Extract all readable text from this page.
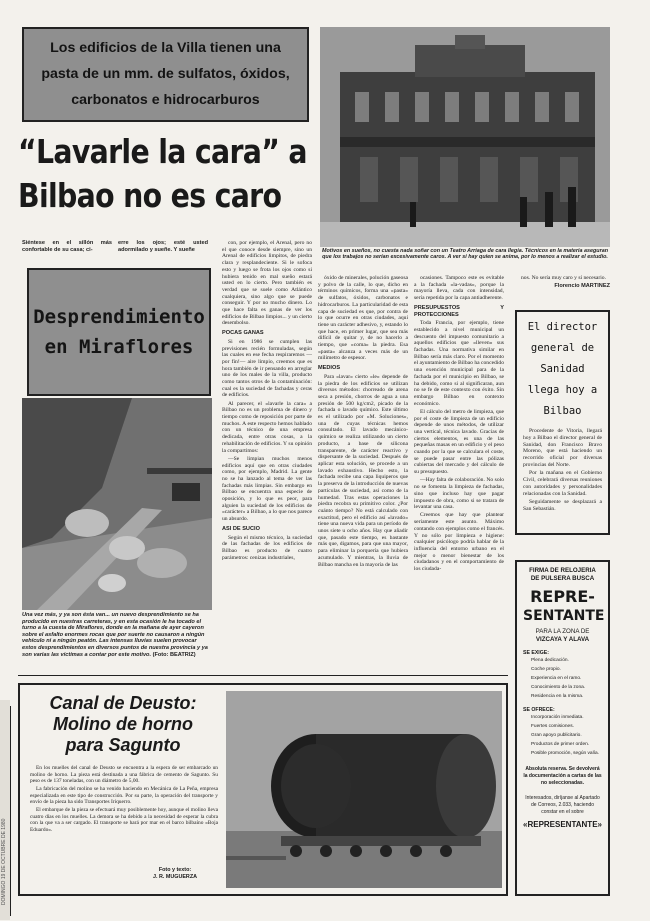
DOMINGO 19 DE OCTUBRE DE 1980
Los edificios de la Villa tienen una pasta de un mm. de sulfatos, óxidos, carbonatos e hidrocarburos
“Lavarle la cara” a
Bilbao no es caro
Motivos en sueños, no cuesta nada soñar con un Teatro Arriaga de cara llegia. Técnicos en la materia aseguran que los trabajos no serían excesivamente caros. A ver si hay quien se anima, por lo menos a realizar el estudio.
Siéntese en el sillón más confortable de su casa; ci-
erre los ojos; esté usted adormilado y sueñe. Y sueñe
Desprendimiento en Miraflores
Una vez más, y ya son ésta van... un nuevo desprendimiento se ha producido en nuestras carreteras, y en esta ocasión le ha tocado el turno a la cuesta de Miraflores, donde en la mañana de ayer cayeron sobre el asfalto enormes rocas que por suerte no causaron a ningún vehículo ni a ningún peatón. Las intensas lluvias suelen provocar estos desprendimientos en diversos puntos de nuestra provincia y ya son varias las víctimas a contar por este motivo. (Foto: BEATRIZ)

con, por ejemplo, el Arenal, pero no el que conoce desde siempre, sino un Arenal de edificios limpitos, de piedra clara y resplandeciente. Si le sofoca esto y luego se frota los ojos como si hubiera tenido en mal sueño estará usted en lo cierto. Pero también es verdad que se suele como Atlántico cualquiera, sino algo que se puede conseguir. Y por no mucho dinero. Lo que hace falta es ganas de ver los edificios de Bilbao limpios... y un cierto desembolso.

POCAS GANAS

Si en 1986 se cumplen las previsiones recién formuladas, según las cuales en ese fecha respiraremos —por fin!— aire limpio, creemos que es hora también de ir pensando en arreglar uno de los males de la villa, producto como tantos otros de la contaminación: cual es la suciedad de fachadas y ceras de edificios.

Al parecer, el «lavarle la cara» a Bilbao no es un problema de dinero y tiempo como de reposición por parte de muchos. A este respecto hemos hablado con un técnico de una empresa dedicada, entre otras cosas, a la rehabilitación de edificios. Y su opinión la compartimos:

—Se limpian muchos menos edificios aquí que en otras ciudades como, por ejemplo, Madrid. La gente no se ha lanzado al tema de ver las fachadas más limpias. Sin embargo en Bilbao se encuentra una especie de oposición, y lo que es peor, para alguien la suciedad de los edificios de «carácter» a Bilbao, a lo que nos parece un absurdo.

ASI DE SUCIO

Según el mismo técnico, la suciedad de las fachadas de los edificios de Bilbao es producto de cuatro parámetros: cenizas industriales,

óxido de minerales, polución gaseosa y polvo de la calle, lo que, dicho en términos químicos, forma una «pasta» de sulfatos, óxidos, carbonatos e hidrocarburos. La particularidad de esta capa de suciedad es que, por contra de lo que ocurre en otras ciudades, aquí tiene un carácter adhesivo, y, estando lo que hace, en primer lugar, que sea más difícil de quitar y, de no hacerlo a tiempo, que «coma» la piedra. Esa «pasta» alcanza a veces más de un milímetro de espesor.

MEDIOS

Para «lavar» cierto «le» depende de la piedra de los edificios se utilizan diversos métodos: chorreado de arena seca a presión, chorros de agua a una presión de 500 kg/cm2, picado de la fachada o lavado químico. Este último es el utilizado por «M. Soluciones», una de cuyas técnicas hemos consultado. El lavado mecánico-químico se realiza utilizando un cierto producto, a base de silicona transparente, de carácter reactivo y dispersante de la suciedad. Después de aplicar esta solución, se procede a un lavado exhaustivo. Hecho esto, la fachada recibe una capa liquiperos que la preserva de la introducción de nuevas partículas de suciedad, así como de la humedad. Tras estas operaciones la piedra recobra su primitivo color. ¿Por cuánto tiempo? No está calculado con exactitud, pero el edificio así «lavado» tiene una nueva vida para un período de unos siete u ocho años. Hay que añadir que, pasado este tiempo, es bastante más que, digamos, para que una mayor, para eliminar la porquería que hubiera acumulado. Y mientras, la lluvia de Bilbao mancha en la mayoría de las

ocasiones. Tampoco este es evitable a la fachada «la-vadas», porque la mayoría lleva, cada con intensidad, sería repetida por la capa antiadherente.

PRESUPUESTOS Y PROTECCIONES

Toda Francia, por ejemplo, tiene establecido a nivel municipal un descuento del impuesto comunitario a aquellos edificios que «lleven» sus fachadas. Una normativa similar en Bilbao sería más claro. Por el momento el ayuntamiento de Bilbao ha concedido una exención municipal para de la fachada por el municipio en Bilbao, se ha debido, como si al significaran, aun no se fe de este contexto con éxito. Sin embargo Bilbao en contexto económico.

El cálculo del metro de limpieza, que por el coste de limpieza de un edificio depende de unos métodos, de utilizar una vertical, técnica lavado. Gracias de ciertos elementos, es una de las pequeñas masas en un edificio y el peso cuando por la que se calculara el coste, se puede pasar entre las pólizas cubiertas del mercado y del cálculo de su presupuesto.

—Hay falta de colaboración. No solo no se fomenta la limpieza de fachadas, sino que incluso hay que pagar impuesto de obra, como si se tratara de levantar una casa.

Creemos que hay que plantear seriamente este asunto. Máximo contando con ejemplos como el francés. Y no sólo por limpieza e higiene: cualquier psicólogo podría hablar de la influencia del entorno urbano en el mejor o menor bienestar de los ciudadanos y en el comportamiento de los ciudada-

nos. No sería muy caro y sí necesario.

Florencio MARTINEZ
El director general de Sanidad llega hoy a Bilbao

Procedente de Vitoria, llegará hoy a Bilbao el director general de Sanidad, don Francisco Bravo Moreno, que está haciendo un recorrido oficial por diversas provincias del Norte.

Por la mañana en el Gobierno Civil, celebrará diversas reuniones con autoridades y personalidades relacionadas con la Sanidad.

Seguidamente se desplazará a San Sebastián.

FIRMA DE RELOJERIA
DE PULSERA BUSCA
REPRE-
SENTANTE
PARA LA ZONA DE
VIZCAYA Y ALAVA
SE EXIGE:
Plena dedicación.
Coche propio.
Experiencia en el ramo.
Conocimiento de la zona.
Residencia en la misma.
SE OFRECE:
Incorporación inmediata.
Fuertes comisiones.
Gran apoyo publicitario.
Productos de primer orden.
Posible promoción, según valía.
Absoluta reserva. Se devolverá la documentación a cartas de las no seleccionadas.
Interesados, diríjanse al Apartado de Correos, 2.033, haciendo constar en el sobre
«REPRESENTANTE»
Canal de Deusto:
Molino de horno
para Sagunto

En los muelles del canal de Deusto se encuentra a la espera de ser embarcado un molino de horno. La pieza está destinada a una fábrica de cemento de Sagunto. Su peso es de 137 toneladas, con un diámetro de 5,00.

La fabricación del molino se ha venido haciendo en Mecánica de La Peña, empresa especializada en este tipo de construcción. Por su parte, la operación del transporte y envío de la pieza ha sido Transportes Iriquerro.

El embarque de la pieza se efectuará muy posiblemente hoy, aunque el molino lleva cuatro días en los muelles. La demora se ha debido a la necesidad de esperar la cubra con la que va a ser cargado. El transporte se hará por mar en el barco bilbaíno «Boja Eduardo».

Foto y texto:
J. R. MUGUERZA
